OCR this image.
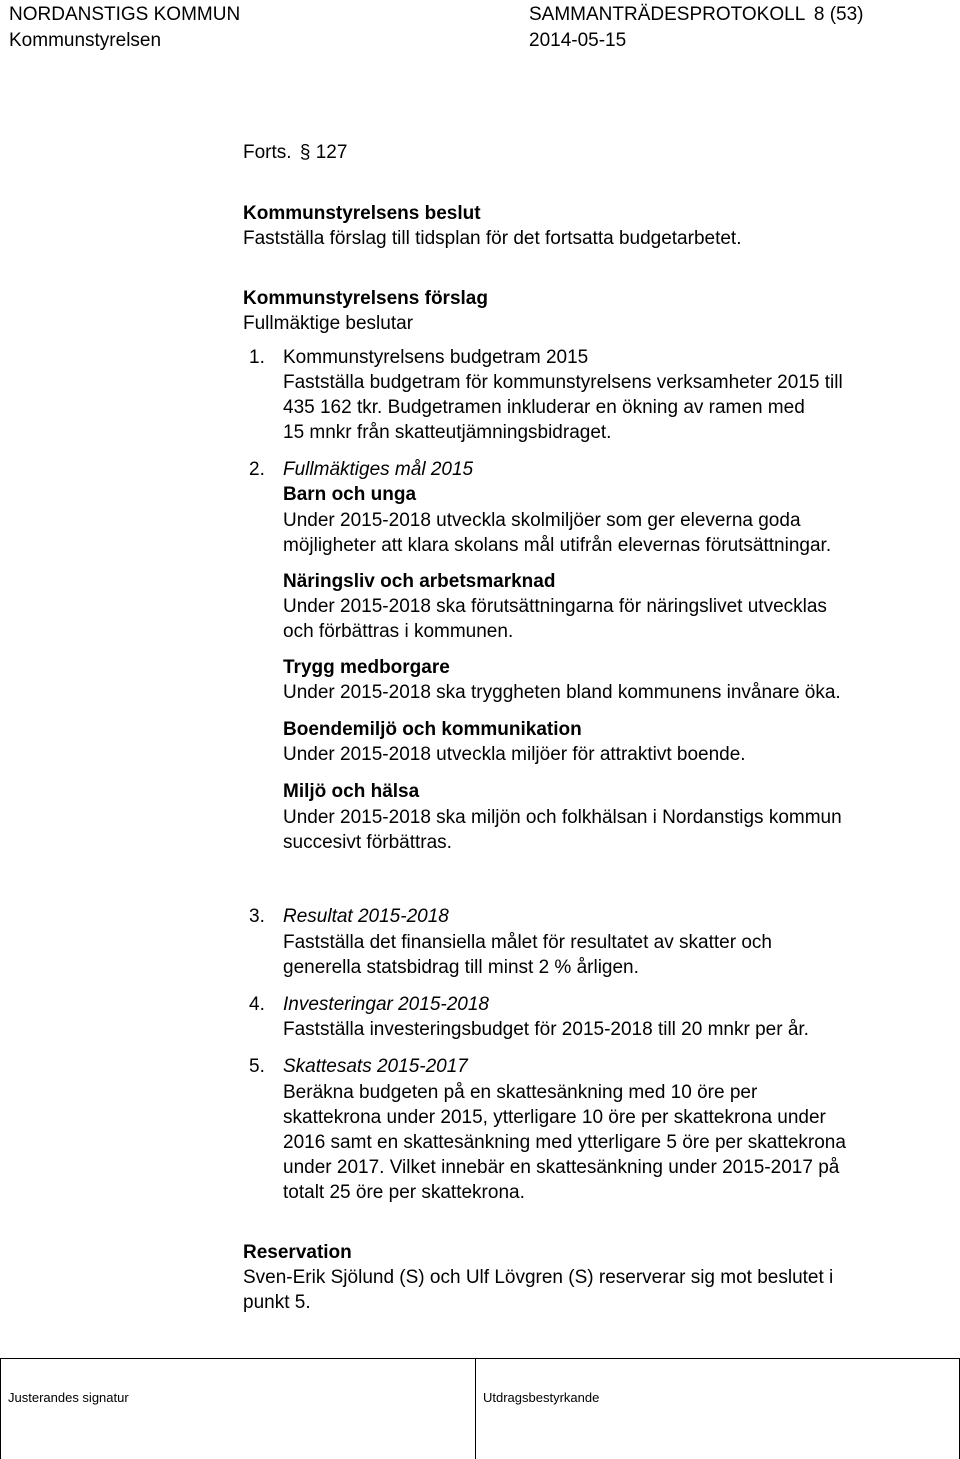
NORDANSTIGS KOMMUN
Kommunstyrelsen
SAMMANTRÄDESPROTOKOLL 8 (53)
2014-05-15
Forts. § 127
Kommunstyrelsens beslut
Fastställa förslag till tidsplan för det fortsatta budgetarbetet.
Kommunstyrelsens förslag
Fullmäktige beslutar
1. Kommunstyrelsens budgetram 2015
Fastställa budgetram för kommunstyrelsens verksamheter 2015 till
435 162 tkr. Budgetramen inkluderar en ökning av ramen med
15 mnkr från skatteutjämningsbidraget.
2. Fullmäktiges mål 2015
Barn och unga
Under 2015-2018 utveckla skolmiljöer som ger eleverna goda
möjligheter att klara skolans mål utifrån elevernas förutsättningar.
Näringsliv och arbetsmarknad
Under 2015-2018 ska förutsättningarna för näringslivet utvecklas
och förbättras i kommunen.
Trygg medborgare
Under 2015-2018 ska tryggheten bland kommunens invånare öka.
Boendemiljö och kommunikation
Under 2015-2018 utveckla miljöer för attraktivt boende.
Miljö och hälsa
Under 2015-2018 ska miljön och folkhälsan i Nordanstigs kommun
succesivt förbättras.
3. Resultat 2015-2018
Fastställa det finansiella målet för resultatet av skatter och
generella statsbidrag till minst 2 % årligen.
4. Investeringar 2015-2018
Fastställa investeringsbudget för 2015-2018 till 20 mnkr per år.
5. Skattesats 2015-2017
Beräkna budgeten på en skattesänkning med 10 öre per
skattekrona under 2015, ytterligare 10 öre per skattekrona under
2016 samt en skattesänkning med ytterligare 5 öre per skattekrona
under 2017. Vilket innebär en skattesänkning under 2015-2017 på
totalt 25 öre per skattekrona.
Reservation
Sven-Erik Sjölund (S) och Ulf Lövgren (S) reserverar sig mot beslutet i
punkt 5.
Justerandes signatur	Utdragsbestyrkande
